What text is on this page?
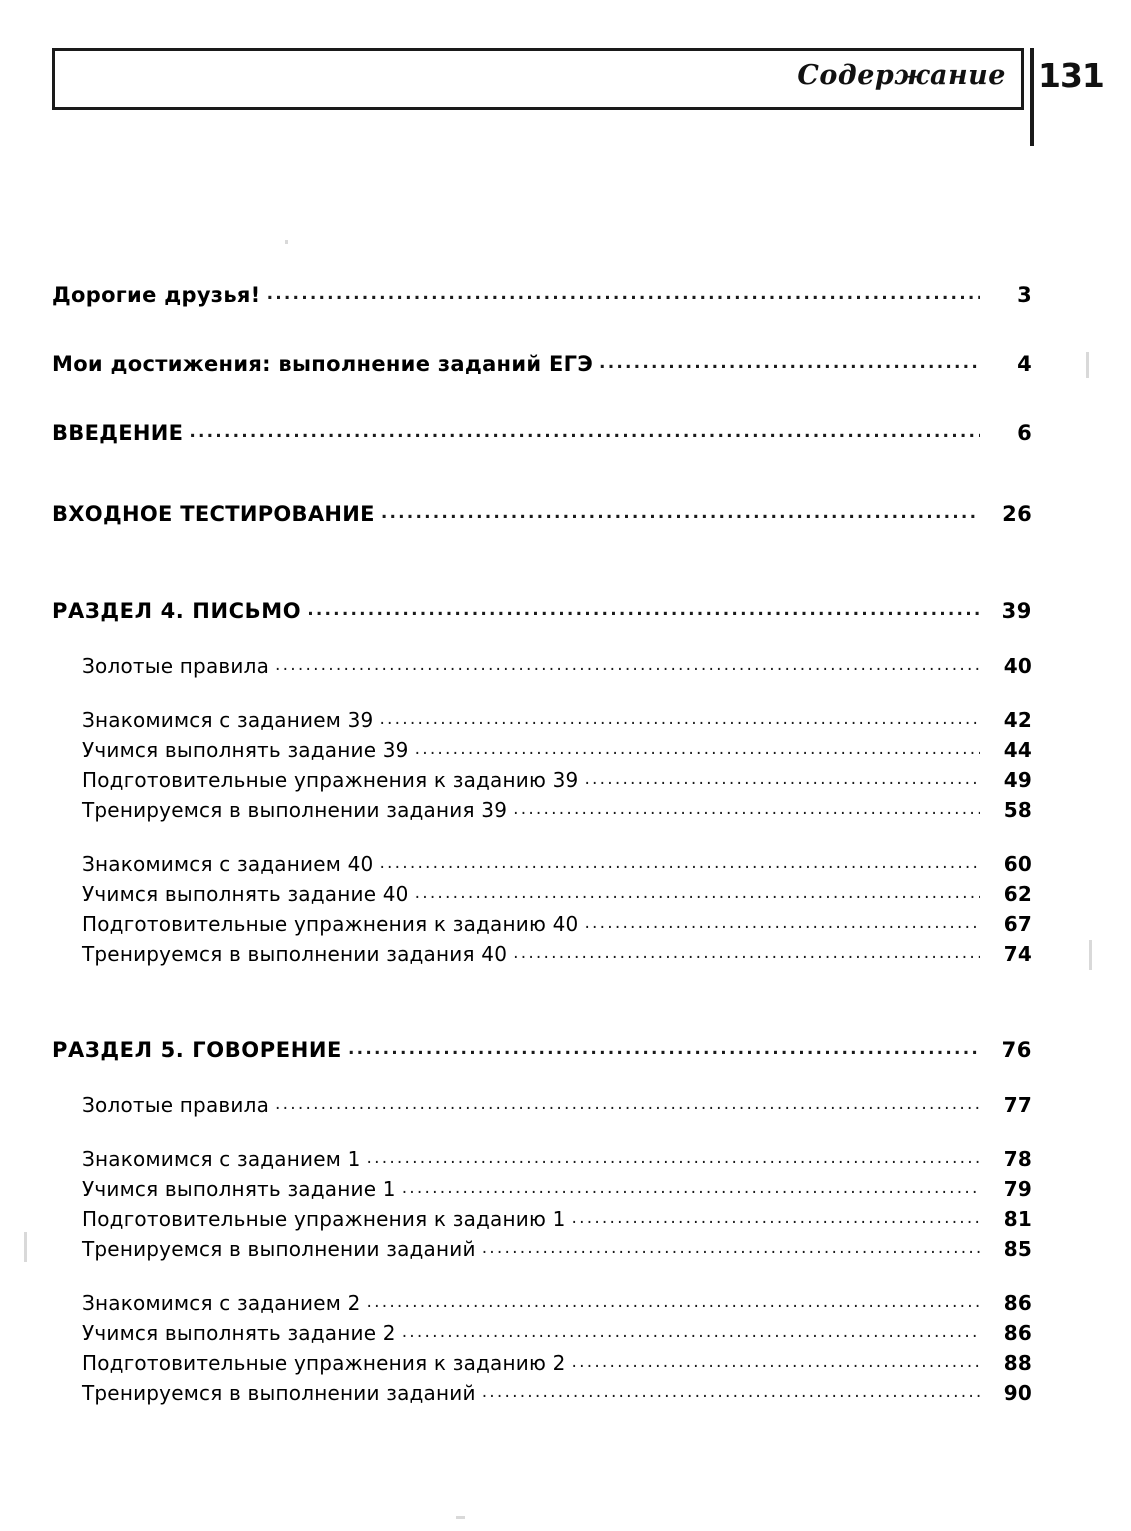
Содержание 131
Дорогие друзья! .....	3
Мои достижения: выполнение заданий ЕГЭ .....	4
ВВЕДЕНИЕ .....	6
ВХОДНОЕ ТЕСТИРОВАНИЕ .....	26
РАЗДЕЛ 4. ПИСЬМО .....	39
Золотые правила .....	40
Знакомимся с заданием 39 .....	42
Учимся выполнять задание 39 .....	44
Подготовительные упражнения к заданию 39 .....	49
Тренируемся в выполнении задания 39 .....	58
Знакомимся с заданием 40 .....	60
Учимся выполнять задание 40 .....	62
Подготовительные упражнения к заданию 40 .....	67
Тренируемся в выполнении задания 40 .....	74
РАЗДЕЛ 5. ГОВОРЕНИЕ .....	76
Золотые правила .....	77
Знакомимся с заданием 1 .....	78
Учимся выполнять задание 1 .....	79
Подготовительные упражнения к заданию 1 .....	81
Тренируемся в выполнении заданий .....	85
Знакомимся с заданием 2 .....	86
Учимся выполнять задание 2 .....	86
Подготовительные упражнения к заданию 2 .....	88
Тренируемся в выполнении заданий .....	90
